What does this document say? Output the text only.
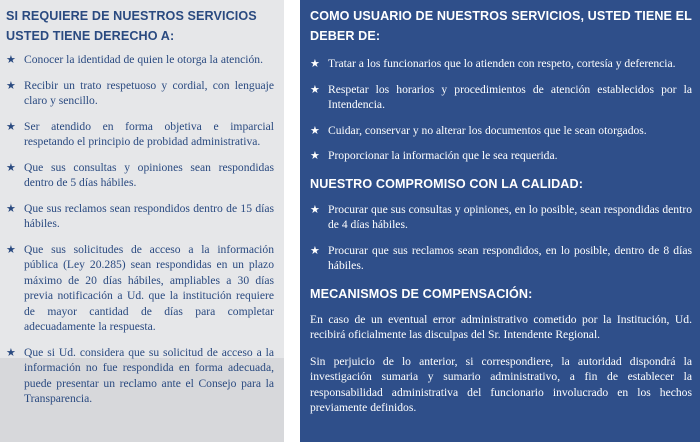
SI REQUIERE DE NUESTROS SERVICIOS USTED TIENE DERECHO A:
★ Conocer la identidad de quien le otorga la atención.
★ Recibir un trato respetuoso y cordial, con lenguaje claro y sencillo.
★ Ser atendido en forma objetiva e imparcial respetando el principio de probidad administrativa.
★ Que sus consultas y opiniones sean respondidas dentro de 5 días hábiles.
★ Que sus reclamos sean respondidos dentro de 15 días hábiles.
★ Que sus solicitudes de acceso a la información pública (Ley 20.285) sean respondidas en un plazo máximo de 20 días hábiles, ampliables a 30 días previa notificación a Ud. que la institución requiere de mayor cantidad de días para completar adecuadamente la respuesta.
★ Que si Ud. considera que su solicitud de acceso a la información no fue respondida en forma adecuada, puede presentar un reclamo ante el Consejo para la Transparencia.
COMO USUARIO DE NUESTROS SERVICIOS, USTED TIENE EL DEBER DE:
★ Tratar a los funcionarios que lo atienden con respeto, cortesía y deferencia.
★ Respetar los horarios y procedimientos de atención establecidos por la Intendencia.
★ Cuidar, conservar y no alterar los documentos que le sean otorgados.
★ Proporcionar la información que le sea requerida.
NUESTRO COMPROMISO CON LA CALIDAD:
★ Procurar que sus consultas y opiniones, en lo posible, sean respondidas dentro de 4 días hábiles.
★ Procurar que sus reclamos sean respondidos, en lo posible, dentro de 8 días hábiles.
MECANISMOS DE COMPENSACIÓN:

En caso de un eventual error administrativo cometido por la Institución, Ud. recibirá oficialmente las disculpas del Sr. Intendente Regional.

Sin perjuicio de lo anterior, si correspondiere, la autoridad dispondrá la investigación sumaria y sumario administrativo, a fin de establecer la responsabilidad administrativa del funcionario involucrado en los hechos previamente definidos.
